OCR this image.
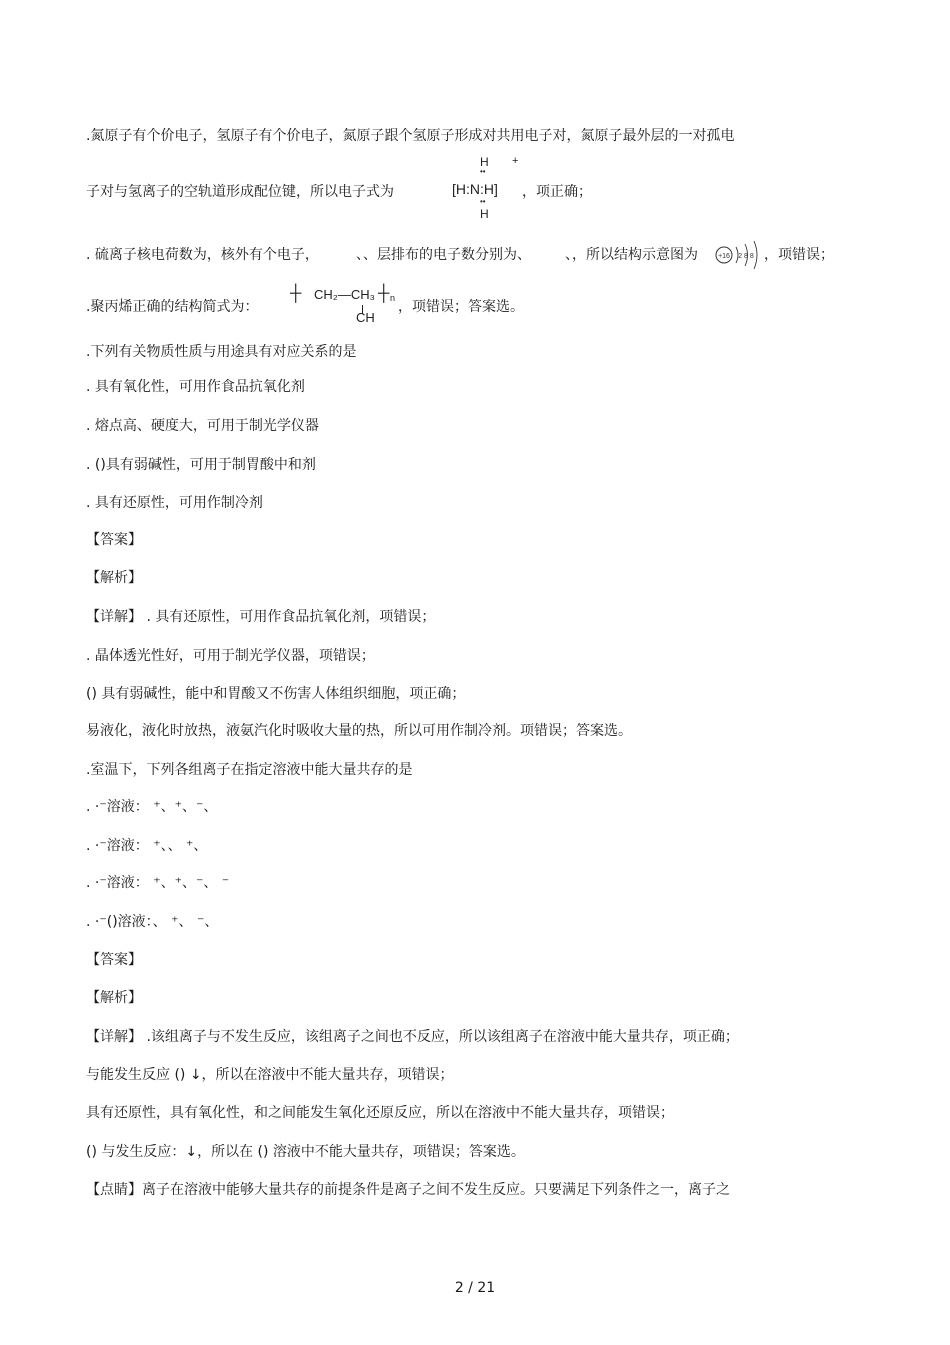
.氮原子有个价电子，氢原子有个价电子，氮原子跟个氢原子形成对共用电子对，氮原子最外层的一对孤电
子对与氢离子的空轨道形成配位键，所以电子式为
H +
••
[H:N:H]
••
H
，项正确；
. 硫离子核电荷数为，核外有个电子，	、、层排布的电子数分别为、 、，所以结构示意图为	+16 2 8 8 ，项错误；
.聚丙烯正确的结构简式为：
┼ CH₂—CH₃ ┼ n
CH
，项错误；答案选。
.下列有关物质性质与用途具有对应关系的是
. 具有氧化性，可用作食品抗氧化剂
. 熔点高、硬度大，可用于制光学仪器
. ()具有弱碱性，可用于制胃酸中和剂
. 具有还原性，可用作制冷剂
【答案】
【解析】
【详解】 . 具有还原性，可用作食品抗氧化剂，项错误；
. 晶体透光性好，可用于制光学仪器，项错误；
() 具有弱碱性，能中和胃酸又不伤害人体组织细胞，项正确；
易液化，液化时放热，液氨汽化时吸收大量的热，所以可用作制冷剂。项错误；答案选。
.室温下，下列各组离子在指定溶液中能大量共存的是
. ·⁻溶液： ⁺、⁺、⁻、
. ·⁻溶液： ⁺、、 ⁺、
. ·⁻溶液： ⁺、⁺、⁻、 ⁻
. ·⁻()溶液：、 ⁺、 ⁻、
【答案】
【解析】
【详解】 .该组离子与不发生反应，该组离子之间也不反应，所以该组离子在溶液中能大量共存，项正确；
与能发生反应 () ↓，所以在溶液中不能大量共存，项错误；
具有还原性，具有氧化性，和之间能发生氧化还原反应，所以在溶液中不能大量共存，项错误；
() 与发生反应：↓，所以在 () 溶液中不能大量共存，项错误；答案选。
【点睛】离子在溶液中能够大量共存的前提条件是离子之间不发生反应。只要满足下列条件之一，离子之
2 / 21
